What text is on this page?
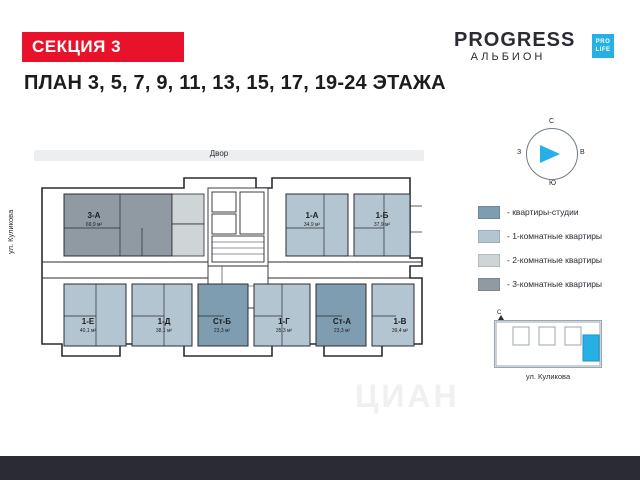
СЕКЦИЯ 3
ПЛАН 3, 5, 7, 9, 11, 13, 15, 17, 19-24 ЭТАЖА
PROGRESS
АЛЬБИОН
PRO
LIFE
ЦИАН
Двор
ул. Куликова	3-А
69,9 м²
1-А
34,9 м²
1-Б
37,9 м²
1-Е
40,1 м²
1-Д
38,1 м²
Ст-Б
23,3 м²
1-Г
35,3 м²
Ст-А
23,3 м²
1-В
39,4 м²
С
Ю
З	В
- квартиры-студии
- 1-комнатные квартиры
- 2-комнатные квартиры
- 3-комнатные квартиры
С
ул. Куликова
